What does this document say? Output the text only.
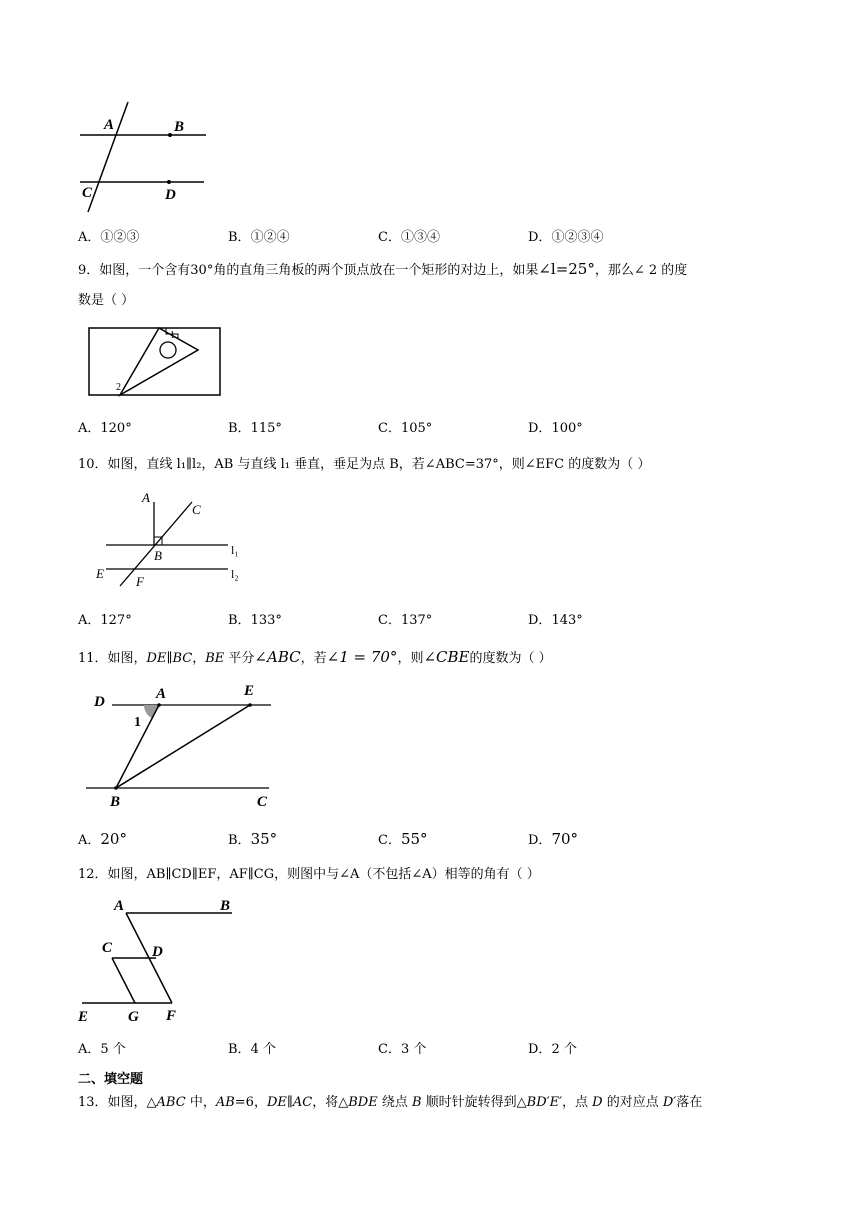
A	B
C	D
A．①②③	B．①②④	C．①③④	D．①②③④
9．如图，一个含有30°角的直角三角板的两个顶点放在一个矩形的对边上，如果∠l=25°，那么∠ 2 的度
数是（ ）
1
2
A．120°	B．115°	C．105°	D．100°
10．如图，直线 l₁∥l₂，AB 与直线 l₁ 垂直，垂足为点 B，若∠ABC=37°，则∠EFC 的度数为（ ）
A
C
B	l₁
E
F	l₂
A．127°	B．133°	C．137°	D．143°
11．如图，DE∥BC，BE 平分∠ABC，若∠1 = 70°，则∠CBE的度数为（ ）
D	A	E
1
B	C
A．20°	B．35°	C．55°	D．70°
12．如图，AB∥CD∥EF，AF∥CG，则图中与∠A（不包括∠A）相等的角有（ ）
A	B
C	D
E	G F
A．5 个	B．4 个	C．3 个	D．2 个
二、填空题
13．如图，△ABC 中，AB=6，DE∥AC，将△BDE 绕点 B 顺时针旋转得到△BD′E′，点 D 的对应点 D′落在
